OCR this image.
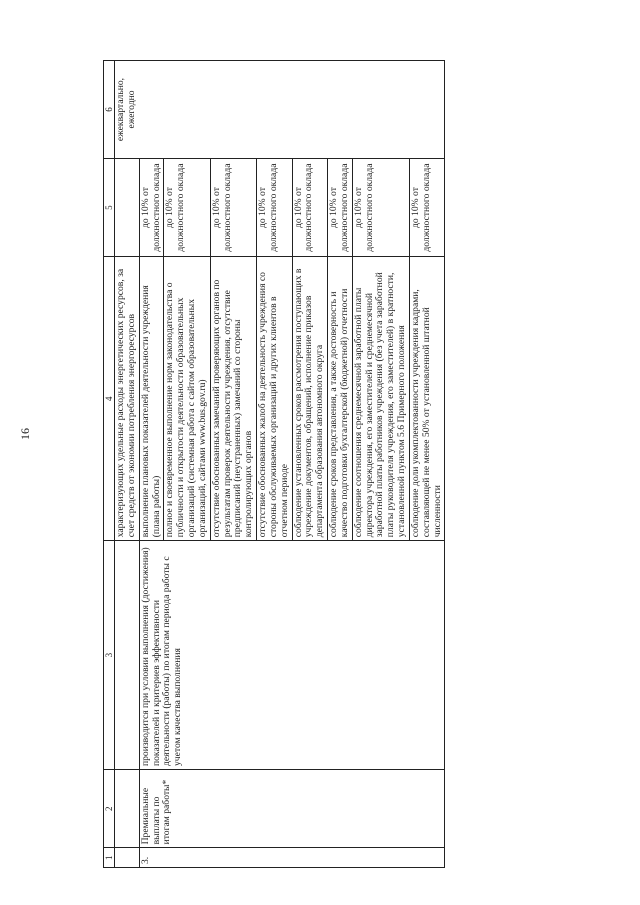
16
1	2	3	4	5	6
			характеризующих удельные расходы энергетических ресурсов, за счет средств от экономии потребления энергоресурсов		ежеквартально, ежегодно
3.	Премиальные выплаты по итогам работы*	производится при условии выполнения (достижения) показателей и критериев эффективности деятельности (работы) по итогам периода работы с учетом качества выполнения	выполнение плановых показателей деятельности учреждения (плана работы)	до 10% от должностного оклада	
			полное и своевременное выполнение норм законодательства о публичности и открытости деятельности образовательных организаций (системная работа с сайтом образовательных организаций, сайтами www.bus.gov.ru)	до 10% от должностного оклада	
			отсутствие обоснованных замечаний проверяющих органов по результатам проверок деятельности учреждения, отсутствие предписаний (неустраненных) замечаний со стороны контролирующих органов	до 10% от должностного оклада	
			отсутствие обоснованных жалоб на деятельность учреждения со стороны обслуживаемых организаций и других клиентов в отчетном периоде	до 10% от должностного оклада	
			соблюдение установленных сроков рассмотрения поступающих в учреждение документов, обращений, исполнение приказов департамента образования автономного округа	до 10% от должностного оклада	
			соблюдение сроков представления, а также достоверность и качество подготовки бухгалтерской (бюджетной) отчетности	до 10% от должностного оклада	
			соблюдение соотношения среднемесячной заработной платы директора учреждения, его заместителей и среднемесячной заработной платы работников учреждения (без учета заработной платы руководителя учреждения, его заместителей) в кратности, установленной пунктом 5.6 Примерного положения	до 10% от должностного оклада	
			соблюдение доли укомплектованности учреждения кадрами, составляющей не менее 50% от установленной штатной численности	до 10% от должностного оклада	
